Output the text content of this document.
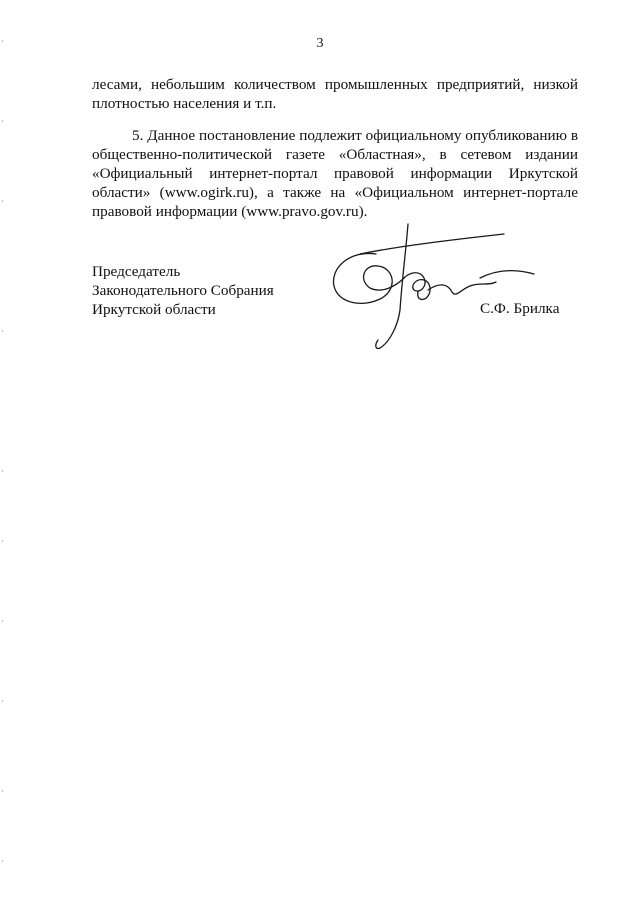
3

лесами, небольшим количеством промышленных предприятий, низкой плотностью населения и т.п.

5. Данное постановление подлежит официальному опубликованию в общественно-политической газете «Областная», в сетевом издании «Официальный интернет-портал правовой информации Иркутской области» (www.ogirk.ru), а также на «Официальном интернет-портале правовой информации (www.pravo.gov.ru).

Председатель
Законодательного Собрания
Иркутской области	С.Ф. Брилка
